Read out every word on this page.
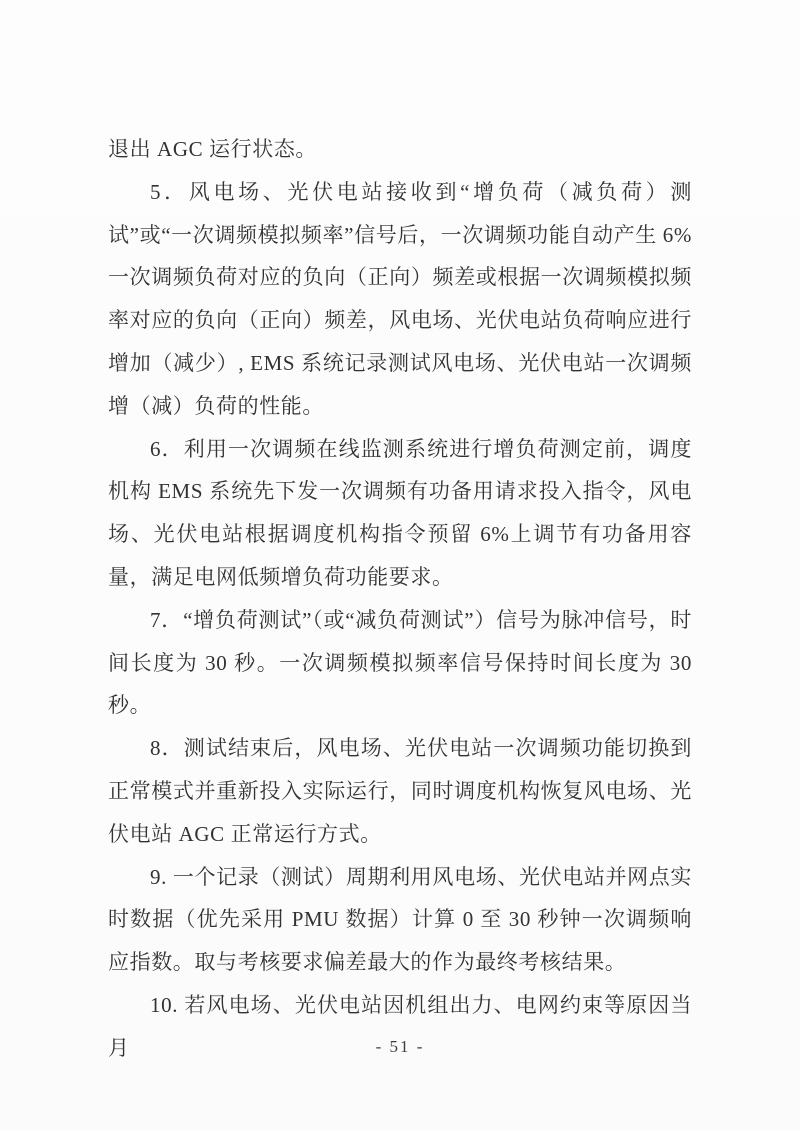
退出 AGC 运行状态。

5．风电场、光伏电站接收到“增负荷（减负荷）测试”或“一次调频模拟频率”信号后，一次调频功能自动产生 6%一次调频负荷对应的负向（正向）频差或根据一次调频模拟频率对应的负向（正向）频差，风电场、光伏电站负荷响应进行增加（减少）, EMS 系统记录测试风电场、光伏电站一次调频增（减）负荷的性能。

6．利用一次调频在线监测系统进行增负荷测定前，调度机构 EMS 系统先下发一次调频有功备用请求投入指令，风电场、光伏电站根据调度机构指令预留 6%上调节有功备用容量，满足电网低频增负荷功能要求。

7．“增负荷测试”（或“减负荷测试”）信号为脉冲信号，时间长度为 30 秒。一次调频模拟频率信号保持时间长度为 30 秒。

8．测试结束后，风电场、光伏电站一次调频功能切换到正常模式并重新投入实际运行，同时调度机构恢复风电场、光伏电站 AGC 正常运行方式。

9. 一个记录（测试）周期利用风电场、光伏电站并网点实时数据（优先采用 PMU 数据）计算 0 至 30 秒钟一次调频响应指数。取与考核要求偏差最大的作为最终考核结果。

10. 若风电场、光伏电站因机组出力、电网约束等原因当月	- 51 -
